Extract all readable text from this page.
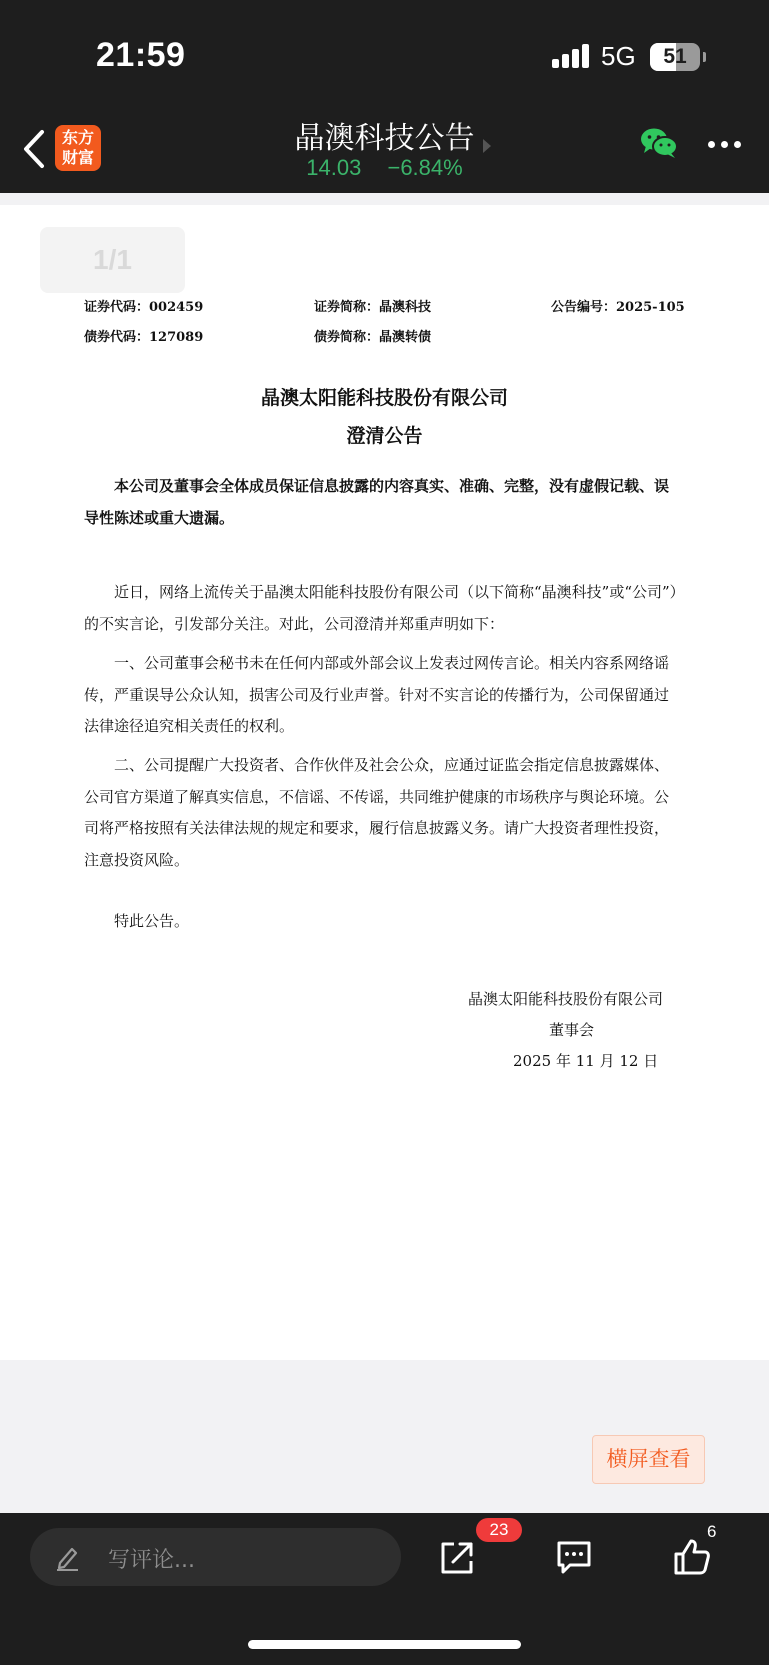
21:59	5G	51
东方
财富
晶澳科技公告
14.03 −6.84%
1/1
证券代码：002459	证券简称：晶澳科技	公告编号：2025-105
债券代码：127089	债券简称：晶澳转债
晶澳太阳能科技股份有限公司
澄清公告
　　本公司及董事会全体成员保证信息披露的内容真实、准确、完整，没有虚假记载、误导性陈述或重大遗漏。
　　近日，网络上流传关于晶澳太阳能科技股份有限公司（以下简称“晶澳科技”或“公司”）的不实言论，引发部分关注。对此，公司澄清并郑重声明如下：
　　一、公司董事会秘书未在任何内部或外部会议上发表过网传言论。相关内容系网络谣传，严重误导公众认知，损害公司及行业声誉。针对不实言论的传播行为，公司保留通过法律途径追究相关责任的权利。
　　二、公司提醒广大投资者、合作伙伴及社会公众，应通过证监会指定信息披露媒体、公司官方渠道了解真实信息，不信谣、不传谣，共同维护健康的市场秩序与舆论环境。公司将严格按照有关法律法规的规定和要求，履行信息披露义务。请广大投资者理性投资，注意投资风险。
　　特此公告。
晶澳太阳能科技股份有限公司
董事会
2025 年 11 月 12 日
横屏查看
写评论...
23	6
